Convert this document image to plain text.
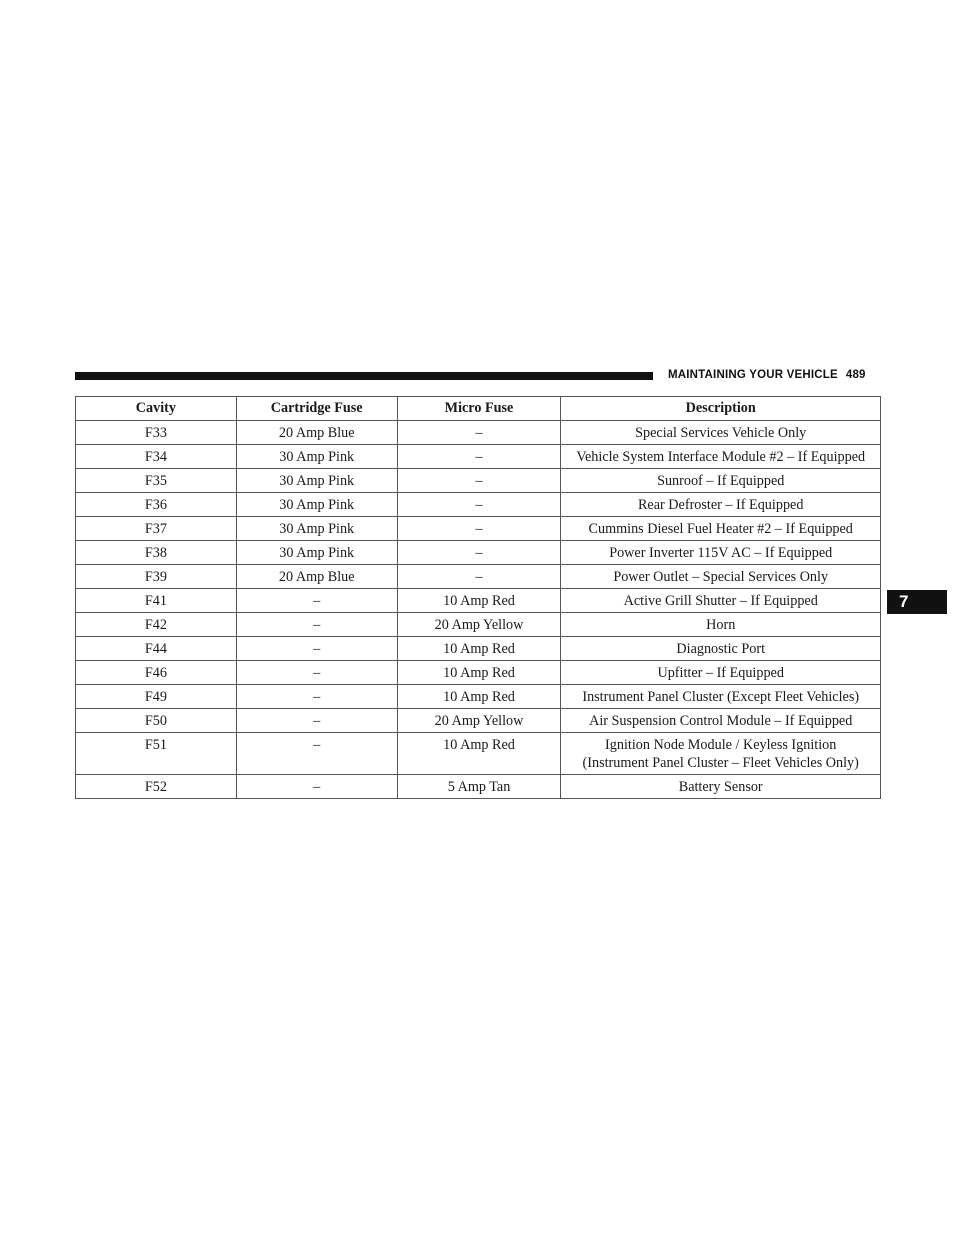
MAINTAINING YOUR VEHICLE 489
7
Cavity	Cartridge Fuse	Micro Fuse	Description
F33	20 Amp Blue	–	Special Services Vehicle Only
F34	30 Amp Pink	–	Vehicle System Interface Module #2 – If Equipped
F35	30 Amp Pink	–	Sunroof – If Equipped
F36	30 Amp Pink	–	Rear Defroster – If Equipped
F37	30 Amp Pink	–	Cummins Diesel Fuel Heater #2 – If Equipped
F38	30 Amp Pink	–	Power Inverter 115V AC – If Equipped
F39	20 Amp Blue	–	Power Outlet – Special Services Only
F41	–	10 Amp Red	Active Grill Shutter – If Equipped
F42	–	20 Amp Yellow	Horn
F44	–	10 Amp Red	Diagnostic Port
F46	–	10 Amp Red	Upfitter – If Equipped
F49	–	10 Amp Red	Instrument Panel Cluster (Except Fleet Vehicles)
F50	–	20 Amp Yellow	Air Suspension Control Module – If Equipped
F51	–	10 Amp Red	Ignition Node Module / Keyless Ignition (Instrument Panel Cluster – Fleet Vehicles Only)
F52	–	5 Amp Tan	Battery Sensor
